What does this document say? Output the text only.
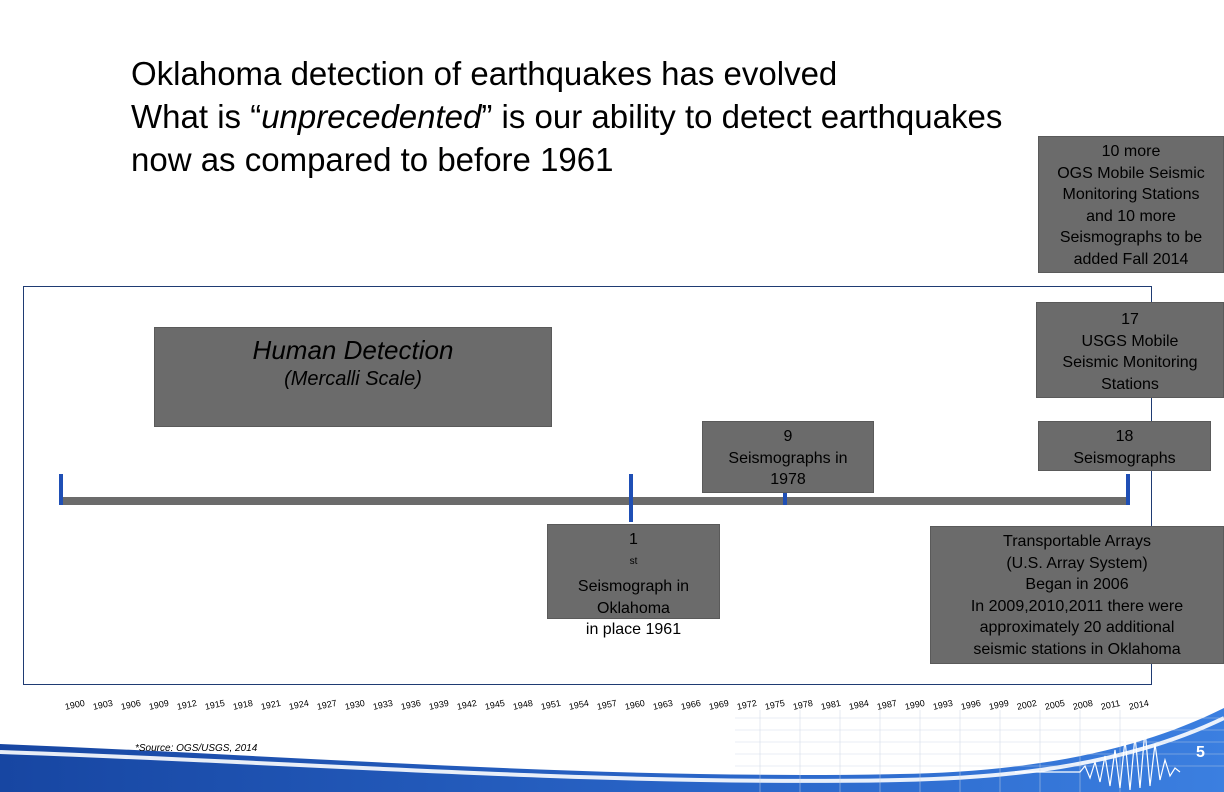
Oklahoma detection of earthquakes has evolved
What is “unprecedented” is our ability to detect earthquakes
now as compared to before 1961
Human Detection
(Mercalli Scale)
9
Seismographs in
1978
1
$^{st}$
Seismograph in
Oklahoma
in place 1961
18
Seismographs
17
USGS Mobile
Seismic Monitoring
Stations
10 more
OGS Mobile Seismic
Monitoring Stations
and 10 more
Seismographs to be
added Fall 2014
Transportable Arrays
(U.S. Array System)
Began in 2006
In 2009,2010,2011 there were
approximately 20 additional
seismic stations in Oklahoma
1900 1903 1906 1909 1912 1915 1918 1921 1924 1927 1930 1933 1936 1939 1942 1945 1948 1951 1954 1957 1960 1963 1966 1969 1972 1975 1978 1981 1984 1987 1990 1993 1996 1999 2002 2005 2008 2011 2014
*Source: OGS/USGS, 2014	5
